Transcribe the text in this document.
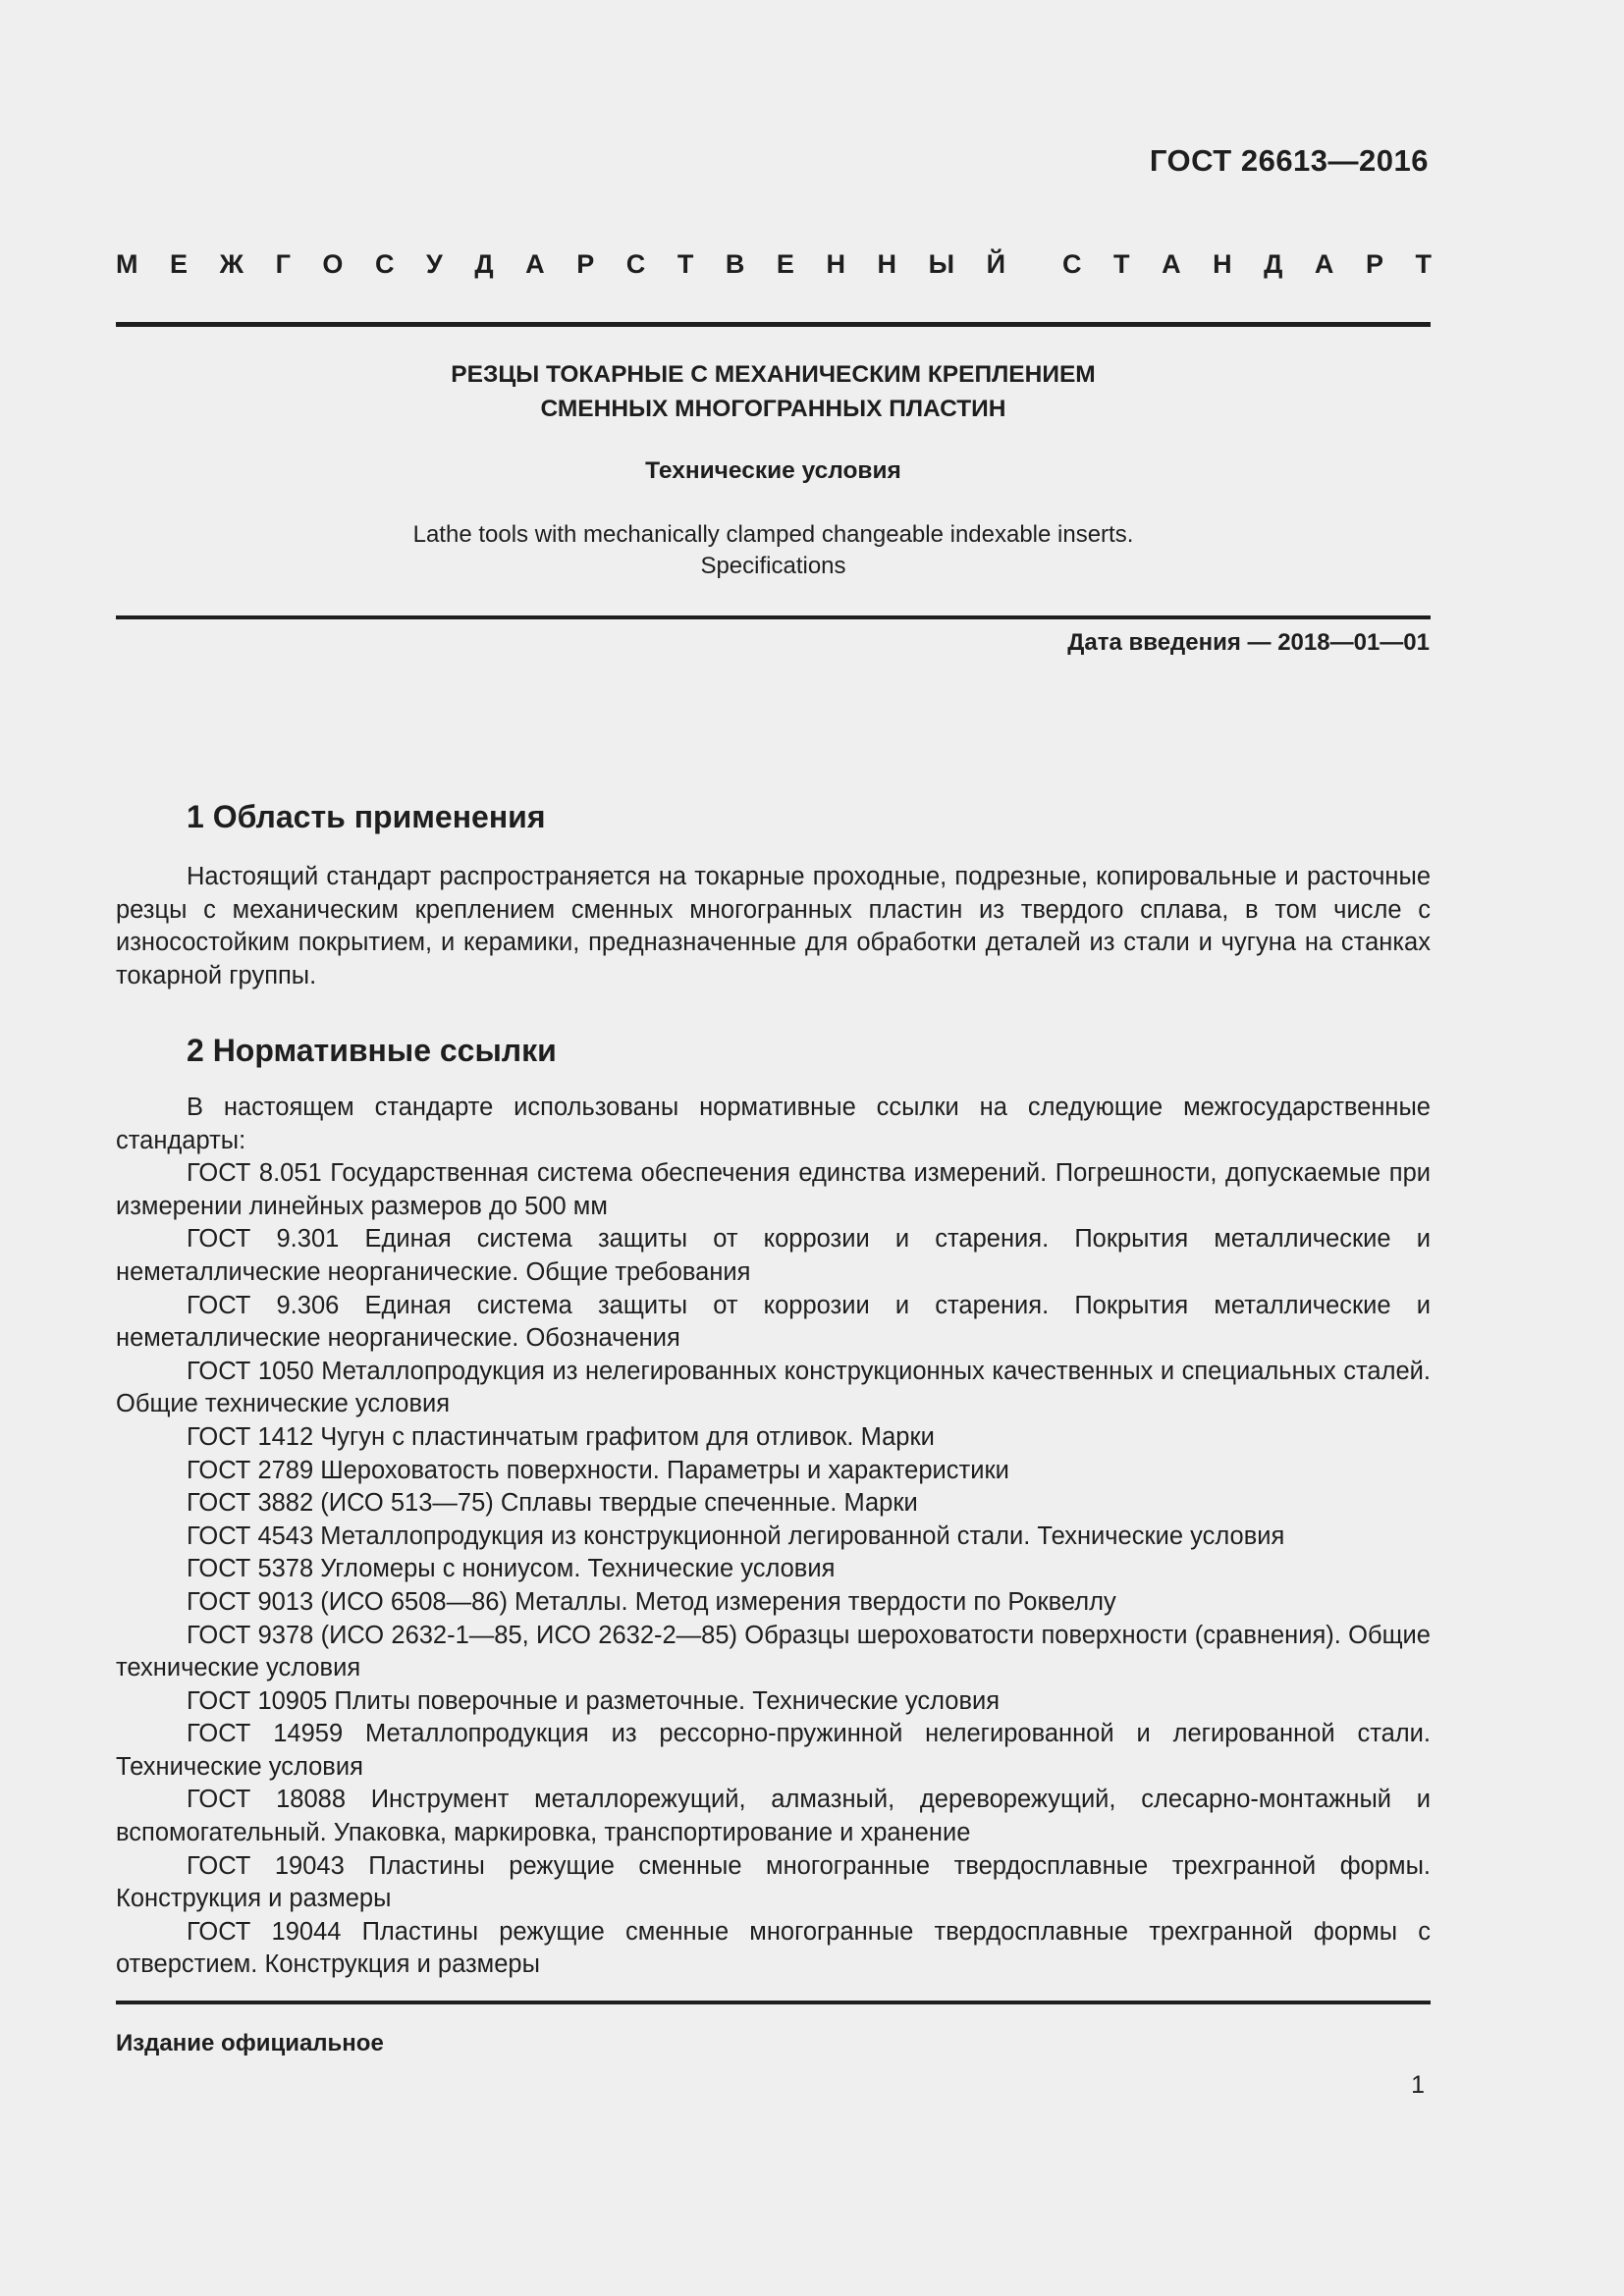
ГОСТ 26613—2016
М Е Ж Г О С У Д А Р С Т В Е Н Н Ы Й С Т А Н Д А Р Т
РЕЗЦЫ ТОКАРНЫЕ С МЕХАНИЧЕСКИМ КРЕПЛЕНИЕМ
СМЕННЫХ МНОГОГРАННЫХ ПЛАСТИН
Технические условия
Lathe tools with mechanically clamped changeable indexable inserts.
Specifications
Дата введения — 2018—01—01
1 Область применения

Настоящий стандарт распространяется на токарные проходные, подрезные, копировальные и расточные резцы с механическим креплением сменных многогранных пластин из твердого сплава, в том числе с износостойким покрытием, и керамики, предназначенные для обработки деталей из стали и чугуна на станках токарной группы.

2 Нормативные ссылки

В настоящем стандарте использованы нормативные ссылки на следующие межгосударственные стандарты:

ГОСТ 8.051 Государственная система обеспечения единства измерений. Погрешности, допускаемые при измерении линейных размеров до 500 мм

ГОСТ 9.301 Единая система защиты от коррозии и старения. Покрытия металлические и неметаллические неорганические. Общие требования

ГОСТ 9.306 Единая система защиты от коррозии и старения. Покрытия металлические и неметаллические неорганические. Обозначения

ГОСТ 1050 Металлопродукция из нелегированных конструкционных качественных и специальных сталей. Общие технические условия

ГОСТ 1412 Чугун с пластинчатым графитом для отливок. Марки

ГОСТ 2789 Шероховатость поверхности. Параметры и характеристики

ГОСТ 3882 (ИСО 513—75) Сплавы твердые спеченные. Марки

ГОСТ 4543 Металлопродукция из конструкционной легированной стали. Технические условия

ГОСТ 5378 Угломеры с нониусом. Технические условия

ГОСТ 9013 (ИСО 6508—86) Металлы. Метод измерения твердости по Роквеллу

ГОСТ 9378 (ИСО 2632-1—85, ИСО 2632-2—85) Образцы шероховатости поверхности (сравнения). Общие технические условия

ГОСТ 10905 Плиты поверочные и разметочные. Технические условия

ГОСТ 14959 Металлопродукция из рессорно-пружинной нелегированной и легированной стали. Технические условия

ГОСТ 18088 Инструмент металлорежущий, алмазный, дереворежущий, слесарно-монтажный и вспомогательный. Упаковка, маркировка, транспортирование и хранение

ГОСТ 19043 Пластины режущие сменные многогранные твердосплавные трехгранной формы. Конструкция и размеры

ГОСТ 19044 Пластины режущие сменные многогранные твердосплавные трехгранной формы с отверстием. Конструкция и размеры

Издание официальное
1
